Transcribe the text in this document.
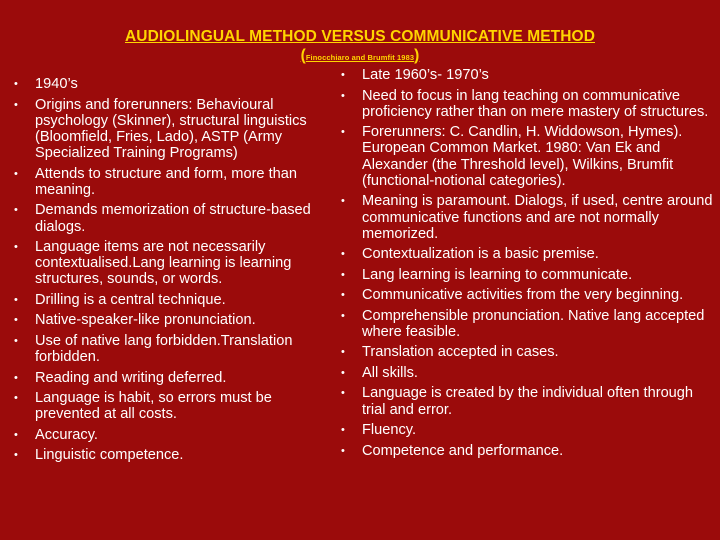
AUDIOLINGUAL METHOD VERSUS COMMUNICATIVE METHOD
(Finocchiaro and Brumfit 1983)
• 1940’s
• Origins and forerunners: Behavioural psychology (Skinner), structural linguistics (Bloomfield, Fries, Lado), ASTP (Army Specialized Training Programs)
• Attends to structure and form, more than meaning.
• Demands memorization of structure-based dialogs.
• Language items are not necessarily contextualised.Lang learning is learning structures, sounds, or words.
• Drilling is a central technique.
• Native-speaker-like pronunciation.
• Use of native lang forbidden.Translation forbidden.
• Reading and writing deferred.
• Language is habit, so errors must be prevented at all costs.
• Accuracy.
• Linguistic competence.
• Late 1960’s- 1970’s
• Need to focus in lang teaching on communicative proficiency rather than on mere mastery of structures.
• Forerunners: C. Candlin, H. Widdowson, Hymes). European Common Market. 1980: Van Ek and Alexander (the Threshold level), Wilkins, Brumfit (functional-notional categories).
• Meaning is paramount. Dialogs, if used, centre around communicative functions and are not normally memorized.
• Contextualization is a basic premise.
• Lang learning is learning to communicate.
• Communicative activities from the very beginning.
• Comprehensible pronunciation. Native lang accepted where feasible.
• Translation accepted in cases.
• All skills.
• Language is created by the individual often through trial and error.
• Fluency.
• Competence and performance.
